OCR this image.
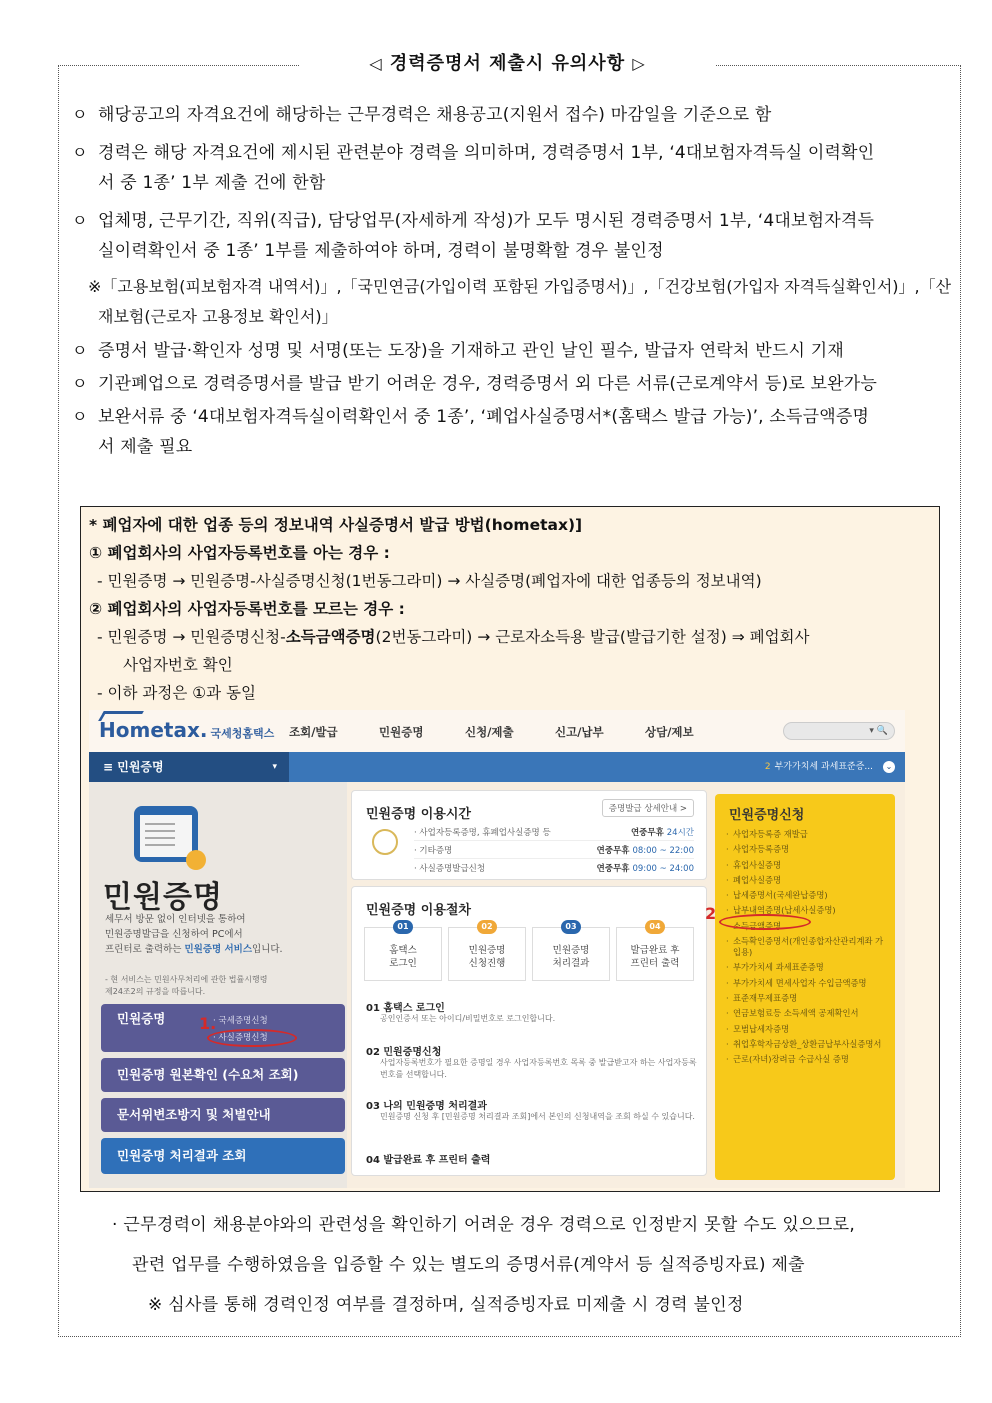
◁ 경력증명서 제출시 유의사항 ▷
ㅇ 해당공고의 자격요건에 해당하는 근무경력은 채용공고(지원서 접수) 마감일을 기준으로 함
ㅇ 경력은 해당 자격요건에 제시된 관련분야 경력을 의미하며, 경력증명서 1부, ‘4대보험자격득실 이력확인
서 중 1종’ 1부 제출 건에 한함
ㅇ 업체명, 근무기간, 직위(직급), 담당업무(자세하게 작성)가 모두 명시된 경력증명서 1부, ‘4대보험자격득
실이력확인서 중 1종’ 1부를 제출하여야 하며, 경력이 불명확할 경우 불인정
※「고용보험(피보험자격 내역서)」,「국민연금(가입이력 포함된 가입증명서)」,「건강보험(가입자 자격득실확인서)」,「산
재보험(근로자 고용정보 확인서)」
ㅇ 증명서 발급·확인자 성명 및 서명(또는 도장)을 기재하고 관인 날인 필수, 발급자 연락처 반드시 기재
ㅇ 기관폐업으로 경력증명서를 발급 받기 어려운 경우, 경력증명서 외 다른 서류(근로계약서 등)로 보완가능
ㅇ 보완서류 중 ‘4대보험자격득실이력확인서 중 1종’, ‘폐업사실증명서*(홈택스 발급 가능)’, 소득금액증명
서 제출 필요
* 폐업자에 대한 업종 등의 정보내역 사실증명서 발급 방법(hometax)]
① 폐업회사의 사업자등록번호를 아는 경우 :
- 민원증명 → 민원증명-사실증명신청(1번동그라미) → 사실증명(폐업자에 대한 업종등의 정보내역)
② 폐업회사의 사업자등록번호를 모르는 경우 :
- 민원증명 → 민원증명신청-소득금액증명(2번동그라미) → 근로자소득용 발급(발급기한 설정) ⇒ 폐업회사
사업자번호 확인
- 이하 과정은 ①과 동일
Hometax. 국세청홈택스 조회/발급	민원증명	신청/제출	신고/납부	상담/제보	▾ 🔍
≡ 민원증명	▾	2 부가가치세 과세표준증... ⌄
민원증명
세무서 방문 없이 인터넷을 통하여
민원증명발급을 신청하여 PC에서
프린터로 출력하는 민원증명 서비스입니다.
- 현 서비스는 민원사무처리에 관한 법률시행령
제24조2의 규정을 따릅니다.
민원증명	· 국세증명신청
· 사실증명신청
1.
민원증명 원본확인 (수요처 조회)
문서위변조방지 및 처벌안내
민원증명 처리결과 조회
민원증명 이용시간	증명발급 상세안내 >
· 사업자등록증명, 휴폐업사실증명 등	연중무휴 24시간
· 기타증명	연중무휴 08:00 ~ 22:00
· 사실증명발급신청	연중무휴 09:00 ~ 24:00
민원증명 이용절차
01
홈택스
로그인
02
민원증명
신청진행
03
민원증명
처리결과
04
발급완료 후
프린터 출력
01 홈택스 로그인
공인인증서 또는 아이디/비밀번호로 로그인합니다.
02 민원증명신청
사업자등록번호가 필요한 증명일 경우 사업자등록번호 목록 중 발급받고자 하는 사업자등록번호를 선택합니다.
03 나의 민원증명 처리결과
민원증명 신청 후 [민원증명 처리결과 조회]에서 본인의 신청내역을 조회 하실 수 있습니다.
04 발급완료 후 프린터 출력
민원증명신청
· 사업자등록증 재발급
· 사업자등록증명
· 휴업사실증명
· 폐업사실증명
· 납세증명서(국세완납증명)
· 납부내역증명(납세사실증명)
· 소득금액증명
· 소득확인증명서(개인종합자산관리계좌 가입용)
· 부가가치세 과세표준증명
· 부가가치세 면세사업자 수입금액증명
· 표준재무제표증명
· 연금보험료등 소득세액 공제확인서
· 모범납세자증명
· 취업후학자금상환_상환금납부사실증명서
· 근로(자녀)장려금 수급사실 증명
2
· 근무경력이 채용분야와의 관련성을 확인하기 어려운 경우 경력으로 인정받지 못할 수도 있으므로,
관련 업무를 수행하였음을 입증할 수 있는 별도의 증명서류(계약서 등 실적증빙자료) 제출
※ 심사를 통해 경력인정 여부를 결정하며, 실적증빙자료 미제출 시 경력 불인정
